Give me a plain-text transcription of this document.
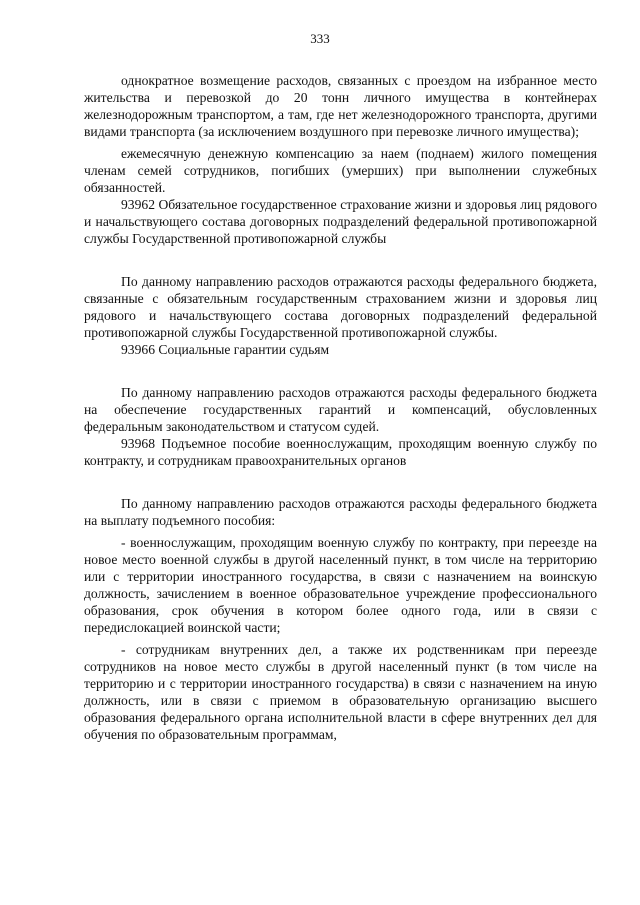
333

однократное возмещение расходов, связанных с проездом на избранное место жительства и перевозкой до 20 тонн личного имущества в контейнерах железнодорожным транспортом, а там, где нет железнодорожного транспорта, другими видами транспорта (за исключением воздушного при перевозке личного имущества);

ежемесячную денежную компенсацию за наем (поднаем) жилого помещения членам семей сотрудников, погибших (умерших) при выполнении служебных обязанностей.

93962 Обязательное государственное страхование жизни и здоровья лиц рядового и начальствующего состава договорных подразделений федеральной противопожарной службы Государственной противопожарной службы

По данному направлению расходов отражаются расходы федерального бюджета, связанные с обязательным государственным страхованием жизни и здоровья лиц рядового и начальствующего состава договорных подразделений федеральной противопожарной службы Государственной противопожарной службы.

93966 Социальные гарантии судьям

По данному направлению расходов отражаются расходы федерального бюджета на обеспечение государственных гарантий и компенсаций, обусловленных федеральным законодательством и статусом судей.

93968 Подъемное пособие военнослужащим, проходящим военную службу по контракту, и сотрудникам правоохранительных органов

По данному направлению расходов отражаются расходы федерального бюджета на выплату подъемного пособия:

- военнослужащим, проходящим военную службу по контракту, при переезде на новое место военной службы в другой населенный пункт, в том числе на территорию или с территории иностранного государства, в связи с назначением на воинскую должность, зачислением в военное образовательное учреждение профессионального образования, срок обучения в котором более одного года, или в связи с передислокацией воинской части;

- сотрудникам внутренних дел, а также их родственникам при переезде сотрудников на новое место службы в другой населенный пункт (в том числе на территорию и с территории иностранного государства) в связи с назначением на иную должность, или в связи с приемом в образовательную организацию высшего образования федерального органа исполнительной власти в сфере внутренних дел для обучения по образовательным программам,
